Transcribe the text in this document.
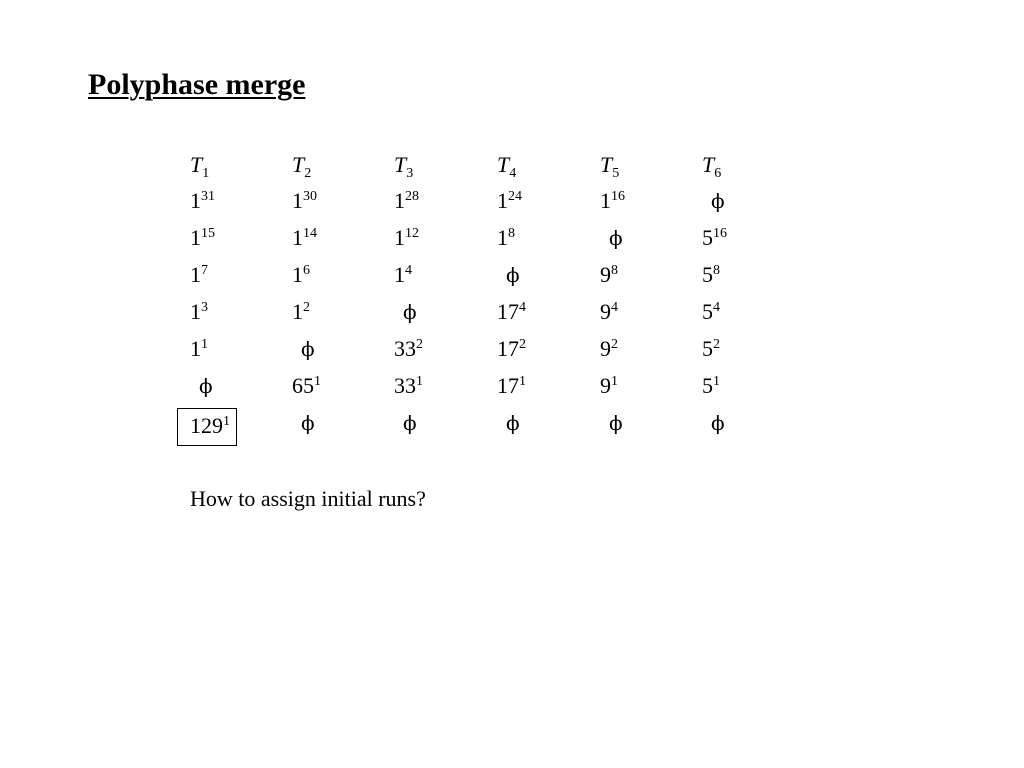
Polyphase merge
$T_1$	$T_2$	$T_3$	$T_4$	$T_5$	$T_6$
$1^{31}$	$1^{30}$	$1^{28}$	$1^{24}$	$1^{16}$	ϕ
$1^{15}$	$1^{14}$	$1^{12}$	$1^8$	ϕ	$5^{16}$
$1^7$	$1^6$	$1^4$	ϕ	$9^8$	$5^8$
$1^3$	$1^2$	ϕ	$17^4$	$9^4$	$5^4$
$1^1$	ϕ	$33^2$	$17^2$	$9^2$	$5^2$
ϕ	$65^1$	$33^1$	$17^1$	$9^1$	$5^1$
$129^1$	ϕ	ϕ	ϕ	ϕ	ϕ

How to assign initial runs?
